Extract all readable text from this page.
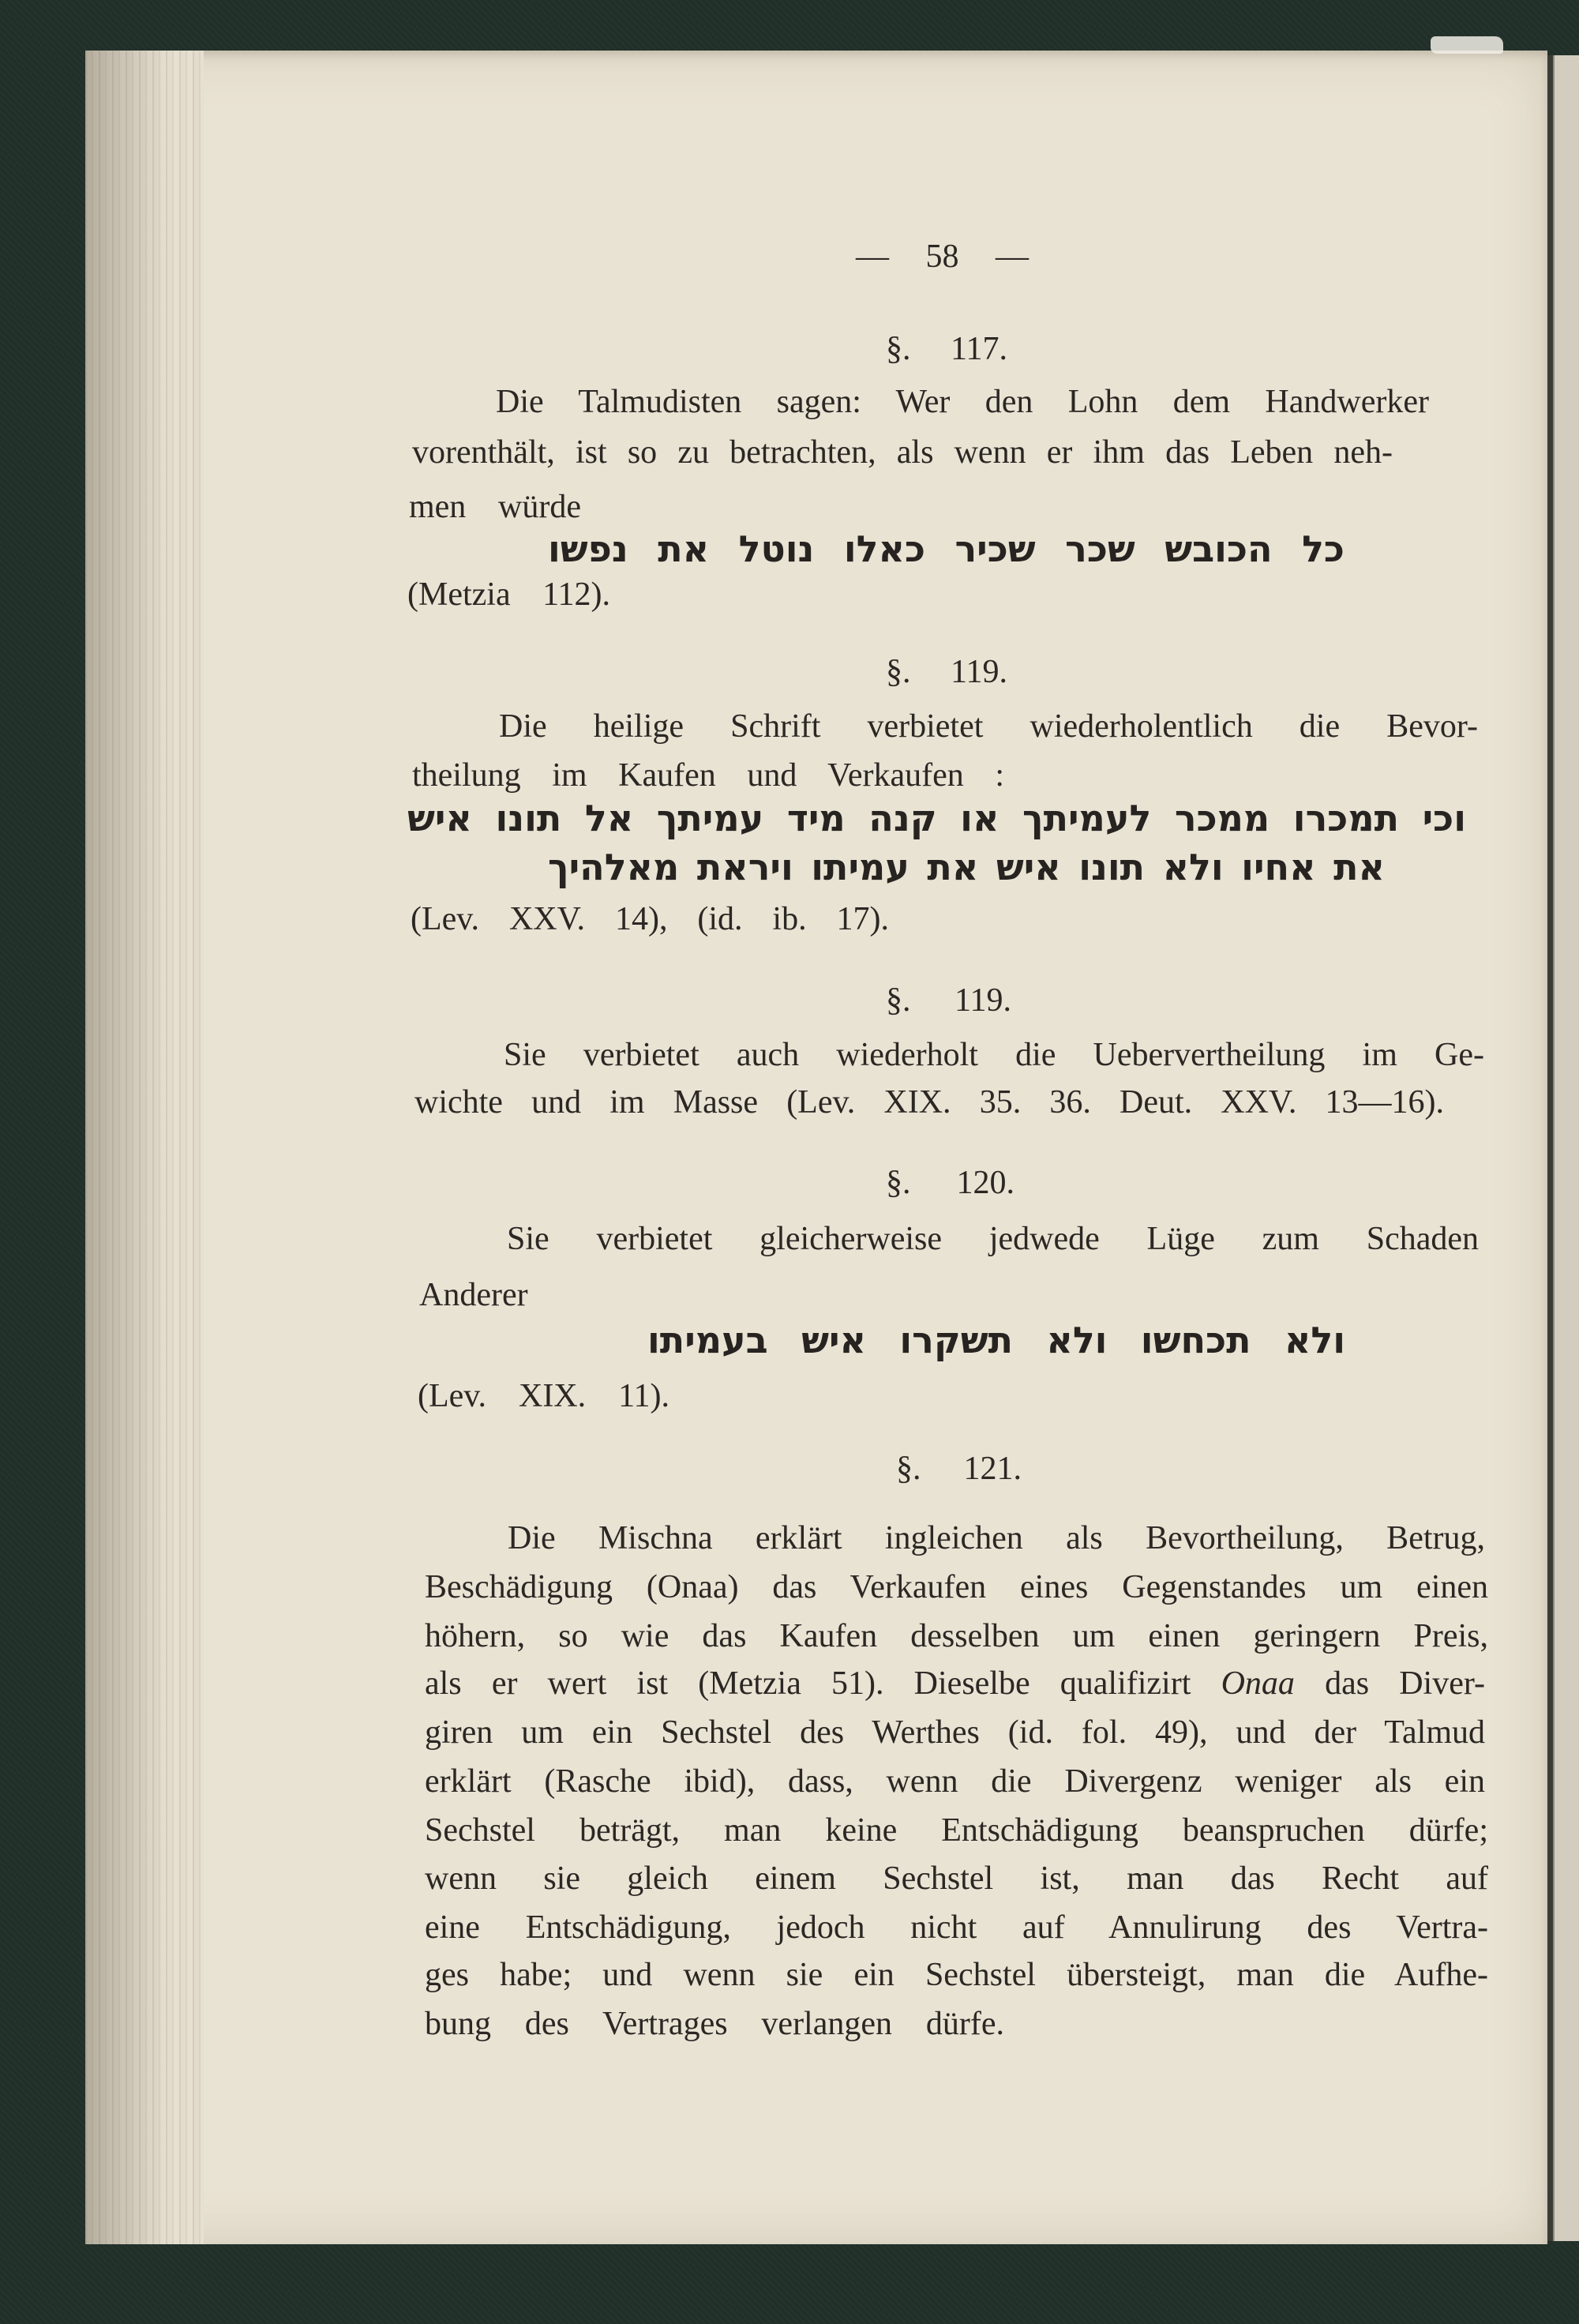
— 58 —
§. 117.
Die Talmudisten sagen: Wer den Lohn dem Handwerker
vorenthält, ist so zu betrachten, als wenn er ihm das Leben neh-
men würde
כל הכובש שכר שכיר כאלו נוטל את נפשו
(Metzia 112).
§. 119.
Die heilige Schrift verbietet wiederholentlich die Bevor-
theilung im Kaufen und Verkaufen :
וכי תמכרו ממכר לעמיתך או קנה מיד עמיתך אל תונו איש
את אחיו ולא תונו איש את עמיתו ויראת מאלהיך
(Lev. XXV. 14), (id. ib. 17).
§. 119.
Sie verbietet auch wiederholt die Uebervertheilung im Ge-
wichte und im Masse (Lev. XIX. 35. 36. Deut. XXV. 13—16).
§. 120.
Sie verbietet gleicherweise jedwede Lüge zum Schaden
Anderer
ולא תכחשו ולא תשקרו איש בעמיתו
(Lev. XIX. 11).
§. 121.
Die Mischna erklärt ingleichen als Bevortheilung, Betrug,
Beschädigung (Onaa) das Verkaufen eines Gegenstandes um einen
höhern, so wie das Kaufen desselben um einen geringern Preis,
als er wert ist (Metzia 51). Dieselbe qualifizirt Onaa das Diver-
giren um ein Sechstel des Werthes (id. fol. 49), und der Talmud
erklärt (Rasche ibid), dass, wenn die Divergenz weniger als ein
Sechstel beträgt, man keine Entschädigung beanspruchen dürfe;
wenn sie gleich einem Sechstel ist, man das Recht auf
eine Entschädigung, jedoch nicht auf Annulirung des Vertra-
ges habe; und wenn sie ein Sechstel übersteigt, man die Aufhe-
bung des Vertrages verlangen dürfe.
